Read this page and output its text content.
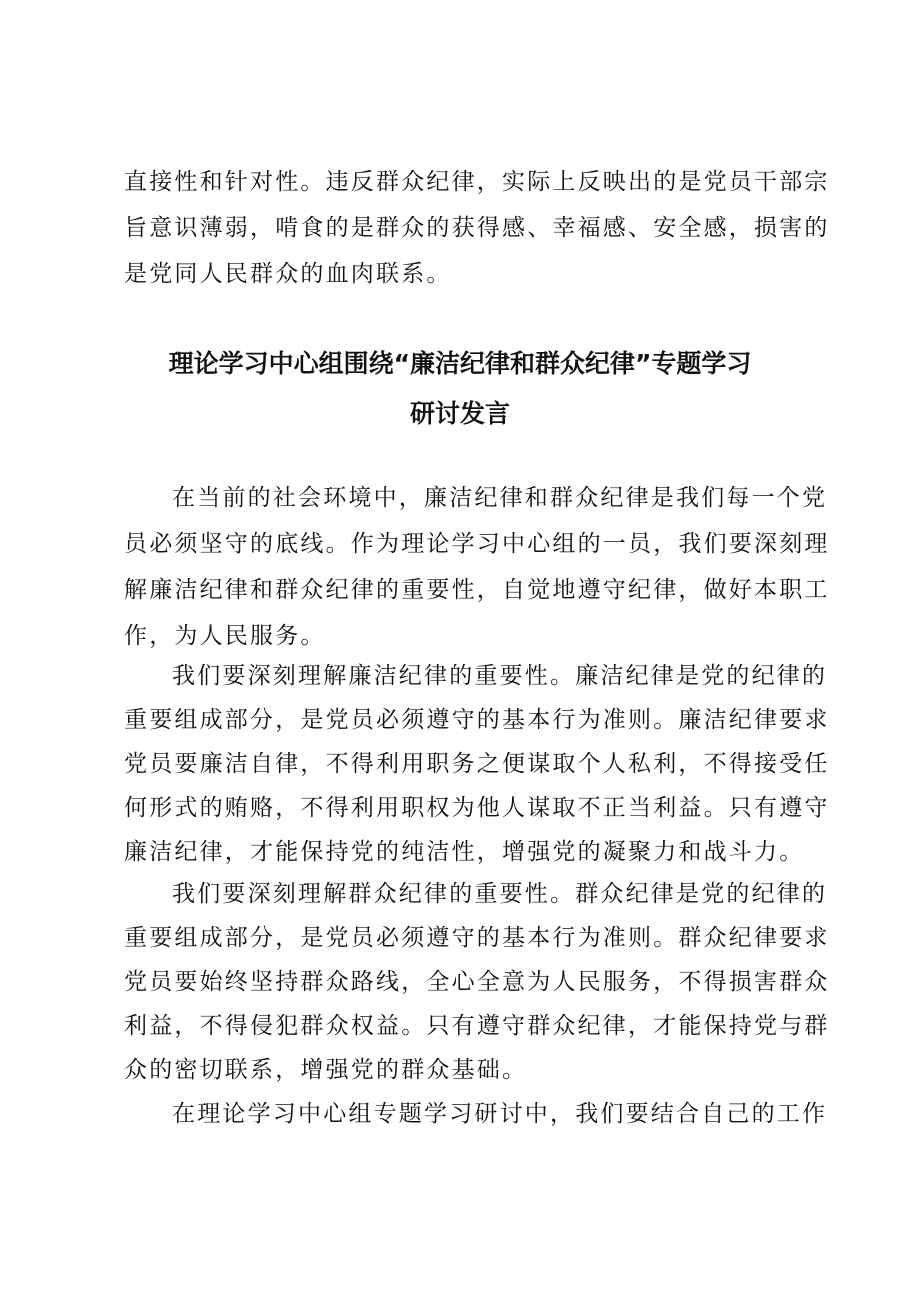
直接性和针对性。违反群众纪律，实际上反映出的是党员干部宗
旨意识薄弱，啃食的是群众的获得感、幸福感、安全感，损害的
是党同人民群众的血肉联系。
理论学习中心组围绕“廉洁纪律和群众纪律”专题学习
研讨发言
在当前的社会环境中，廉洁纪律和群众纪律是我们每一个党
员必须坚守的底线。作为理论学习中心组的一员，我们要深刻理
解廉洁纪律和群众纪律的重要性，自觉地遵守纪律，做好本职工
作，为人民服务。
我们要深刻理解廉洁纪律的重要性。廉洁纪律是党的纪律的
重要组成部分，是党员必须遵守的基本行为准则。廉洁纪律要求
党员要廉洁自律，不得利用职务之便谋取个人私利，不得接受任
何形式的贿赂，不得利用职权为他人谋取不正当利益。只有遵守
廉洁纪律，才能保持党的纯洁性，增强党的凝聚力和战斗力。
我们要深刻理解群众纪律的重要性。群众纪律是党的纪律的
重要组成部分，是党员必须遵守的基本行为准则。群众纪律要求
党员要始终坚持群众路线，全心全意为人民服务，不得损害群众
利益，不得侵犯群众权益。只有遵守群众纪律，才能保持党与群
众的密切联系，增强党的群众基础。
在理论学习中心组专题学习研讨中，我们要结合自己的工作
